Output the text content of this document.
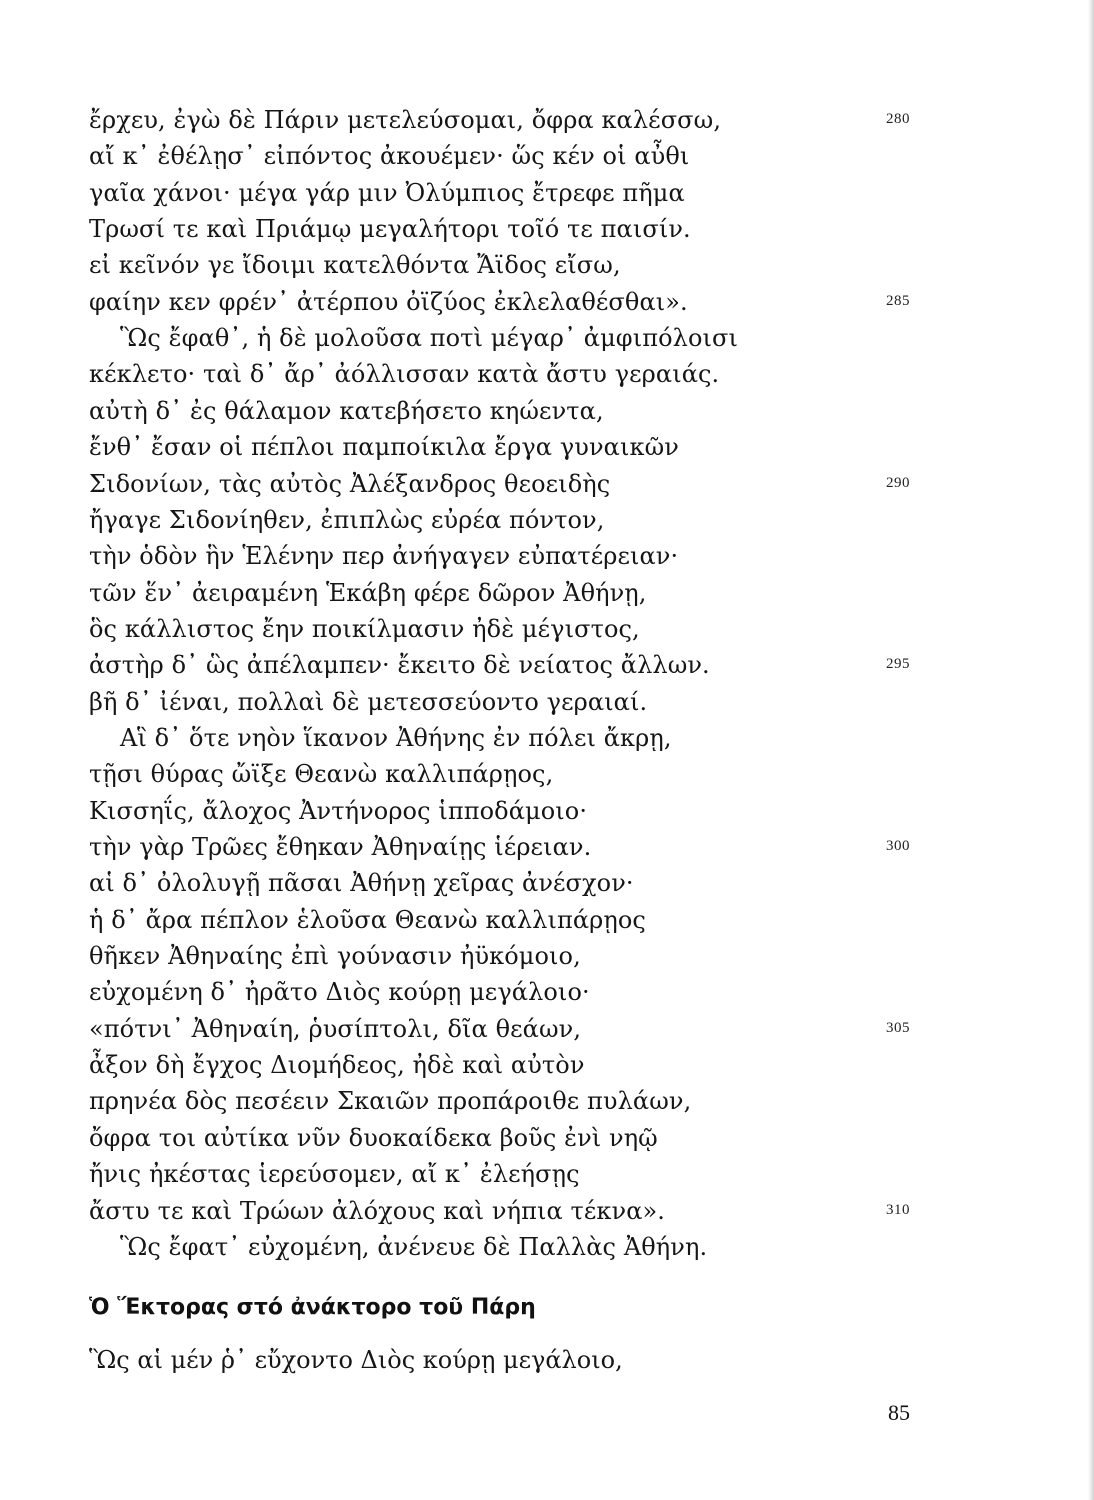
ἔρχευ, ἐγὼ δὲ Πάριν μετελεύσομαι, ὄφρα καλέσσω,	280
αἴ κ᾽ ἐθέλῃσ᾽ εἰπόντος ἀκουέμεν· ὥς κέν οἱ αὖθι
γαῖα χάνοι· μέγα γάρ μιν Ὀλύμπιος ἔτρεφε πῆμα
Τρωσί τε καὶ Πριάμῳ μεγαλήτορι τοῖό τε παισίν.
εἰ κεῖνόν γε ἴδοιμι κατελθόντα Ἄϊδος εἴσω,
φαίην κεν φρέν᾽ ἀτέρπου ὀϊζύος ἐκλελαθέσθαι».	285
Ὣς ἔφαθ᾽, ἡ δὲ μολοῦσα ποτὶ μέγαρ᾽ ἀμφιπόλοισι
κέκλετο· ταὶ δ᾽ ἄρ᾽ ἀόλλισσαν κατὰ ἄστυ γεραιάς.
αὐτὴ δ᾽ ἐς θάλαμον κατεβήσετο κηώεντα,
ἔνθ᾽ ἔσαν οἱ πέπλοι παμποίκιλα ἔργα γυναικῶν
Σιδονίων, τὰς αὐτὸς Ἀλέξανδρος θεοειδὴς	290
ἤγαγε Σιδονίηθεν, ἐπιπλὼς εὐρέα πόντον,
τὴν ὁδὸν ἣν Ἑλένην περ ἀνήγαγεν εὐπατέρειαν·
τῶν ἕν᾽ ἀειραμένη Ἑκάβη φέρε δῶρον Ἀθήνῃ,
ὃς κάλλιστος ἔην ποικίλμασιν ἠδὲ μέγιστος,
ἀστὴρ δ᾽ ὣς ἀπέλαμπεν· ἔκειτο δὲ νείατος ἄλλων.	295
βῆ δ᾽ ἰέναι, πολλαὶ δὲ μετεσσεύοντο γεραιαί.
Αἳ δ᾽ ὅτε νηὸν ἵκανον Ἀθήνης ἐν πόλει ἄκρῃ,
τῇσι θύρας ὤϊξε Θεανὼ καλλιπάρῃος,
Κισσηΐς, ἄλοχος Ἀντήνορος ἱπποδάμοιο·
τὴν γὰρ Τρῶες ἔθηκαν Ἀθηναίῃς ἱέρειαν.	300
αἱ δ᾽ ὀλολυγῇ πᾶσαι Ἀθήνῃ χεῖρας ἀνέσχον·
ἡ δ᾽ ἄρα πέπλον ἑλοῦσα Θεανὼ καλλιπάρῃος
θῆκεν Ἀθηναίης ἐπὶ γούνασιν ἠϋκόμοιο,
εὐχομένη δ᾽ ἠρᾶτο Διὸς κούρῃ μεγάλοιο·
«πότνι᾽ Ἀθηναίη, ῥυσίπτολι, δῖα θεάων,	305
ἆξον δὴ ἔγχος Διομήδεος, ἠδὲ καὶ αὐτὸν
πρηνέα δὸς πεσέειν Σκαιῶν προπάροιθε πυλάων,
ὄφρα τοι αὐτίκα νῦν δυοκαίδεκα βοῦς ἐνὶ νηῷ
ἤνις ἠκέστας ἱερεύσομεν, αἴ κ᾽ ἐλεήσῃς
ἄστυ τε καὶ Τρώων ἀλόχους καὶ νήπια τέκνα».	310
Ὣς ἔφατ᾽ εὐχομένη, ἀνένευε δὲ Παλλὰς Ἀθήνη.
Ὁ Ἕκτορας στό ἀνάκτορο τοῦ Πάρη
Ὣς αἱ μέν ῥ᾽ εὔχοντο Διὸς κούρῃ μεγάλοιο,
85
